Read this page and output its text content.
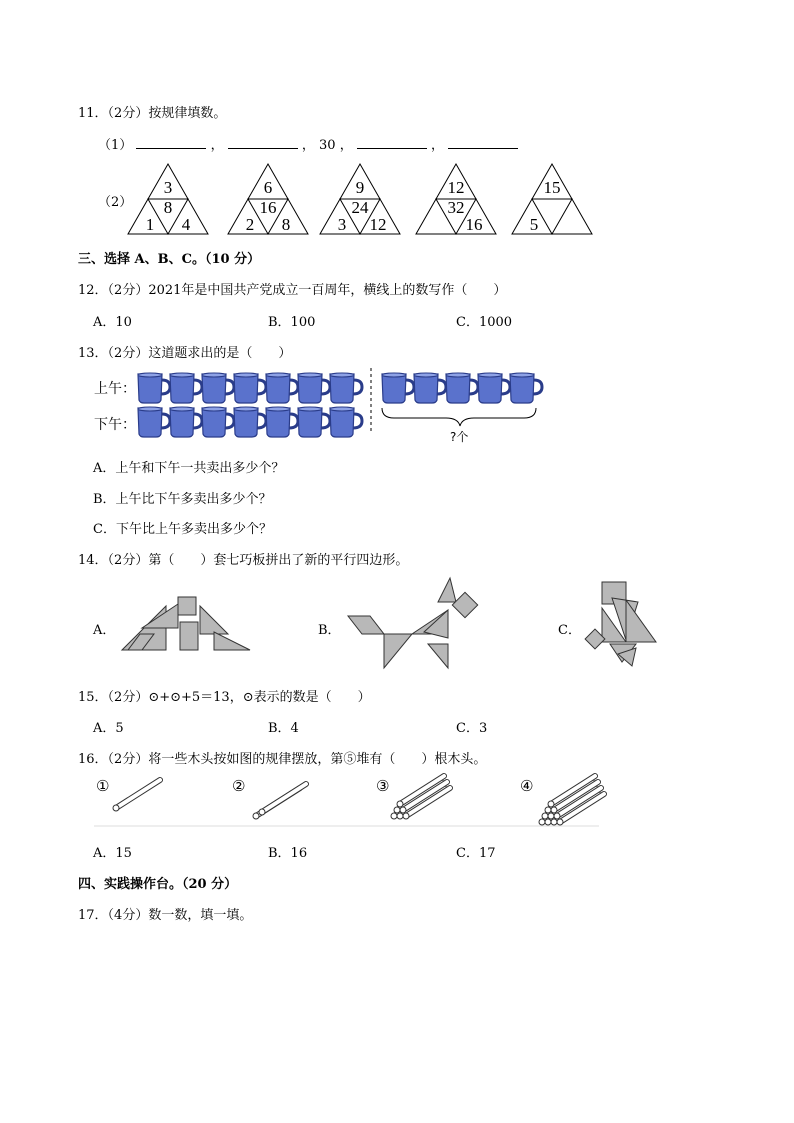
11．（2分）按规律填数。
（1）	，	， 30 ，	，
（2）
3
8
1 4
6
16
2 8
9
24
3 12
12
32
16
15
5
三、选择 A、B、C。（10 分）
12．（2分）2021年是中国共产党成立一百周年，横线上的数写作（　　）
A．10	B．100	C．1000
13．（2分）这道题求出的是（　　）
上午：
下午：
?个
A．上午和下午一共卖出多少个？
B．上午比下午多卖出多少个？
C．下午比上午多卖出多少个？
14．（2分）第（　　）套七巧板拼出了新的平行四边形。
A．	B．	C．
15．（2分）⊙+⊙+5＝13，⊙表示的数是（　　）
A．5	B．4	C．3
16．（2分）将一些木头按如图的规律摆放，第⑤堆有（　　）根木头。
①	②	③	④
A．15	B．16	C．17
四、实践操作台。（20 分）
17．（4分）数一数，填一填。
